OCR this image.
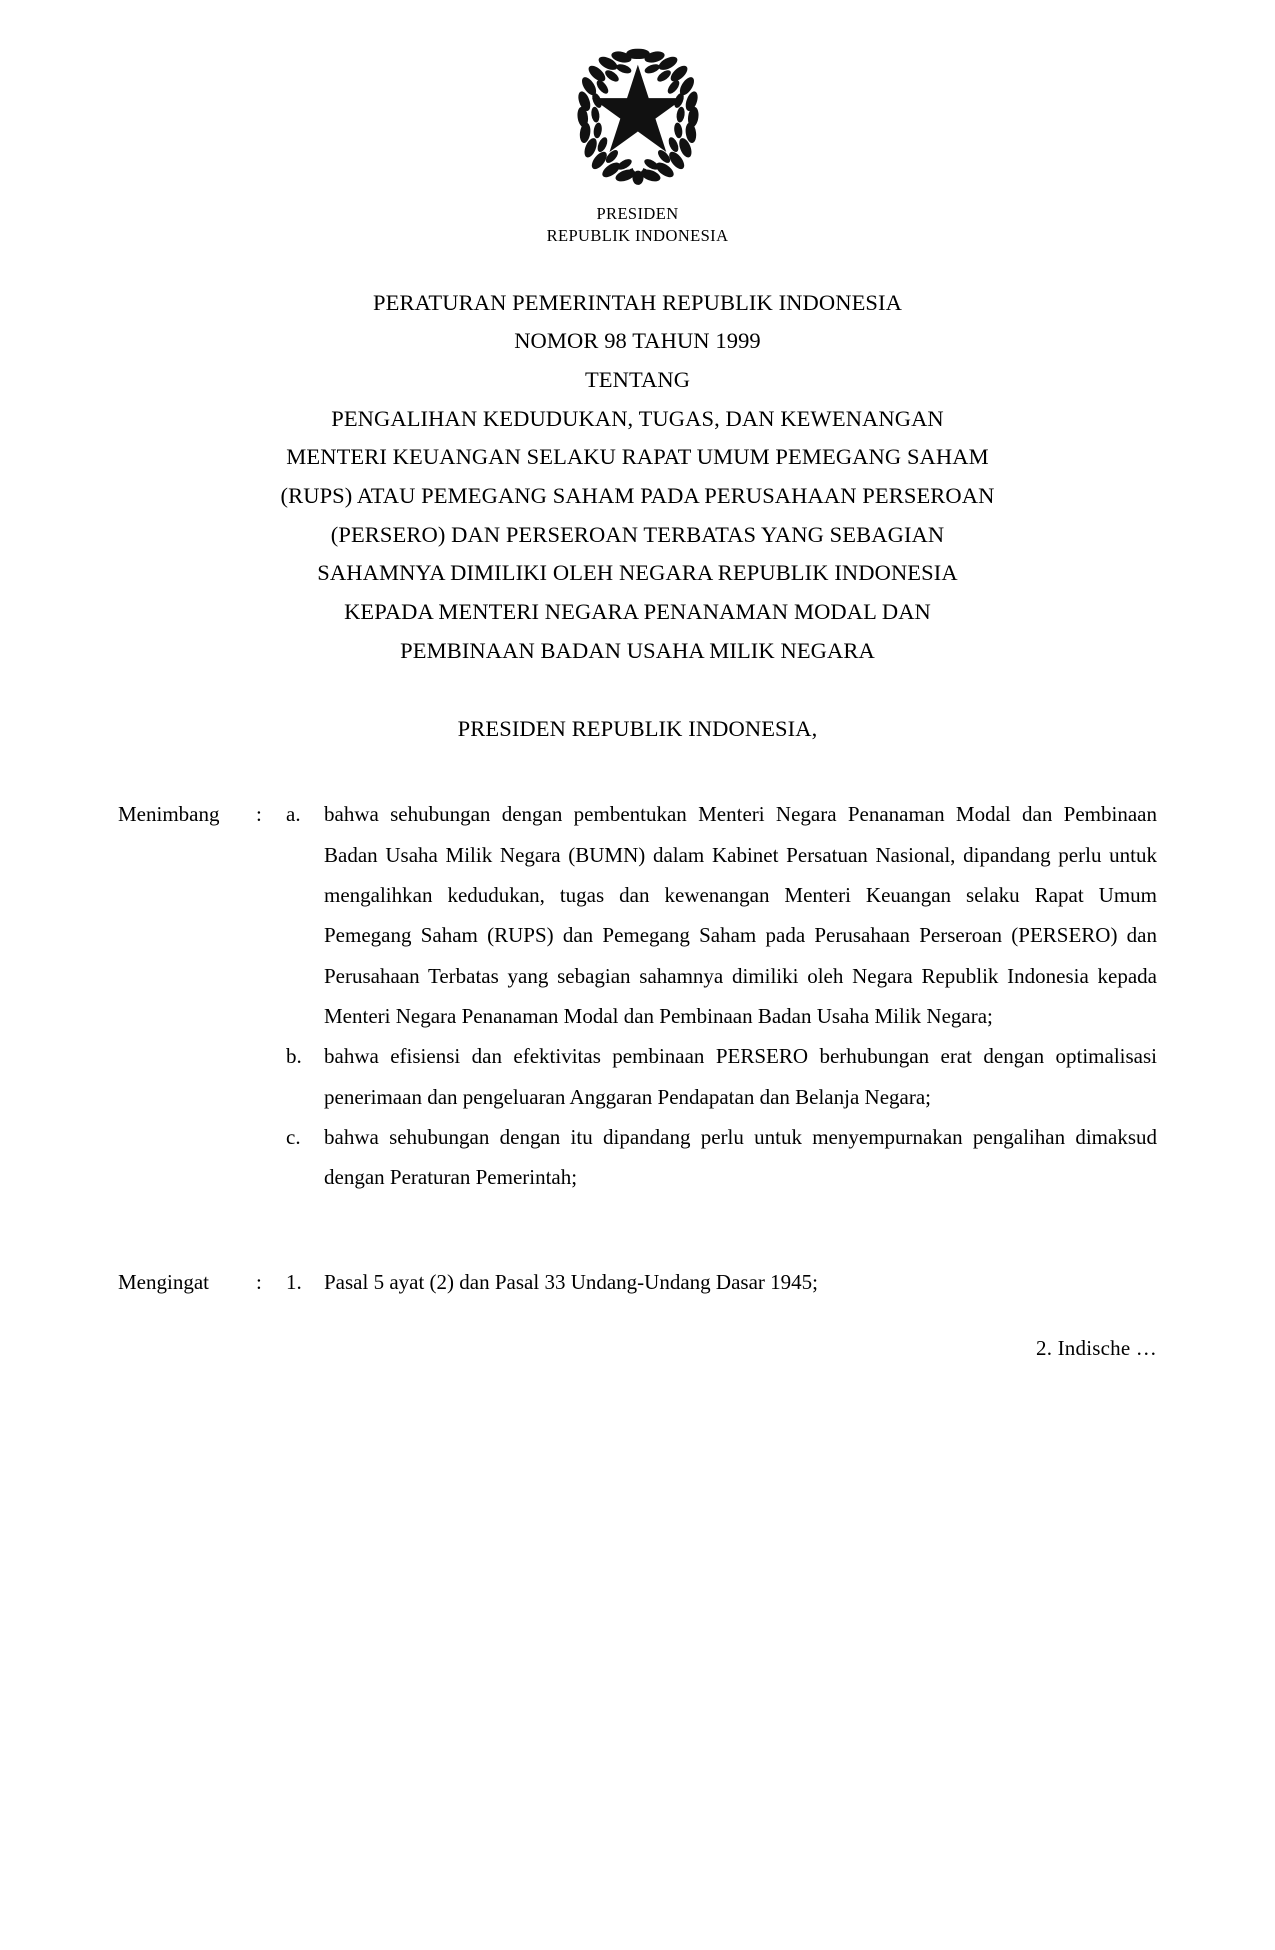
PRESIDEN
REPUBLIK INDONESIA
PERATURAN PEMERINTAH REPUBLIK INDONESIA
NOMOR 98 TAHUN 1999
TENTANG
PENGALIHAN KEDUDUKAN, TUGAS, DAN KEWENANGAN
MENTERI KEUANGAN SELAKU RAPAT UMUM PEMEGANG SAHAM
(RUPS) ATAU PEMEGANG SAHAM PADA PERUSAHAAN PERSEROAN
(PERSERO) DAN PERSEROAN TERBATAS YANG SEBAGIAN
SAHAMNYA DIMILIKI OLEH NEGARA REPUBLIK INDONESIA
KEPADA MENTERI NEGARA PENANAMAN MODAL DAN
PEMBINAAN BADAN USAHA MILIK NEGARA
PRESIDEN REPUBLIK INDONESIA,
Menimbang	:	a.	bahwa sehubungan dengan pembentukan Menteri Negara Penanaman Modal dan Pembinaan Badan Usaha Milik Negara (BUMN) dalam Kabinet Persatuan Nasional, dipandang perlu untuk mengalihkan kedudukan, tugas dan kewenangan Menteri Keuangan selaku Rapat Umum Pemegang Saham (RUPS) dan Pemegang Saham pada Perusahaan Perseroan (PERSERO) dan Perusahaan Terbatas yang sebagian sahamnya dimiliki oleh Negara Republik Indonesia kepada Menteri Negara Penanaman Modal dan Pembinaan Badan Usaha Milik Negara;
b.	bahwa efisiensi dan efektivitas pembinaan PERSERO berhubungan erat dengan optimalisasi penerimaan dan pengeluaran Anggaran Pendapatan dan Belanja Negara;
c.	bahwa sehubungan dengan itu dipandang perlu untuk menyempurnakan pengalihan dimaksud dengan Peraturan Pemerintah;
Mengingat	:	1.	Pasal 5 ayat (2) dan Pasal 33 Undang-Undang Dasar 1945;
2. Indische …
